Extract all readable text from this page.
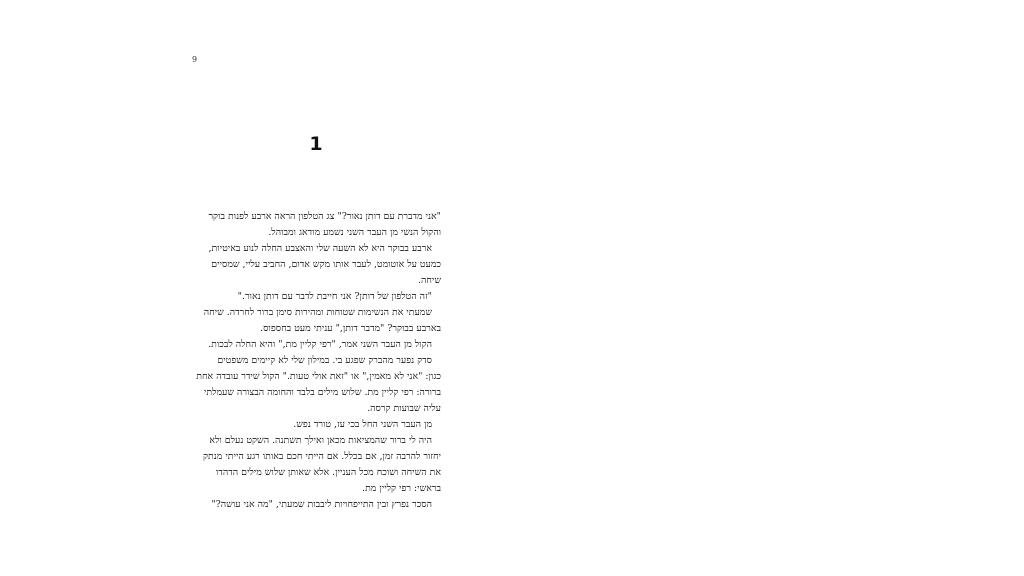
9
1
"אני מדברת עם דותן נאור?" צג הטלפון הראה ארבע לפנות בוקר
והקול הנשי מן העבר השני נשמע מודאג ומבוהל.
ארבע בבוקר היא לא השעה שלי והאצבע החלה לנוע באיטיות,
כמעט על אוטומט, לעבר אותו מקש אדום, החביב עליי, שמסיים
שיחה.
"זה הטלפון של דותן? אני חייבת לדבר עם דותן נאור."
שמעתי את הנשימות שטוחות ומהירות סימן ברור לחרדה. שיחה
בארבע בבוקר? "מדבר דותן," עניתי מעט בחספוס.
הקול מן העבר השני אמר, "רפי קליין מת," והיא החלה לבכות.
סדק נפער מהברק שפגע בי. במילון שלי לא קיימים משפטים
כגון: "אני לא מאמין," או "זאת אולי טעות." הקול שידר עובדה אחת
ברורה: רפי קליין מת. שלוש מילים בלבד והחומה הבצורה שעמלתי
עליה שבועות קרסה.
מן העבר השני החל בכי עז, טורד נפש.
היה לי ברור שהמציאות מכאן ואילך תשתנה. השקט נעלם ולא
יחזור להרבה זמן, אם בכלל. אם הייתי חכם באותו רגע הייתי מנתק
את השיחה ושוכח מכל העניין. אלא שאותן שלוש מילים הדהדו
בראשי: רפי קליין מת.
הסכר נפרץ ובין התייפחויות ליבבות שמעתי, "מה אני עושה?"
